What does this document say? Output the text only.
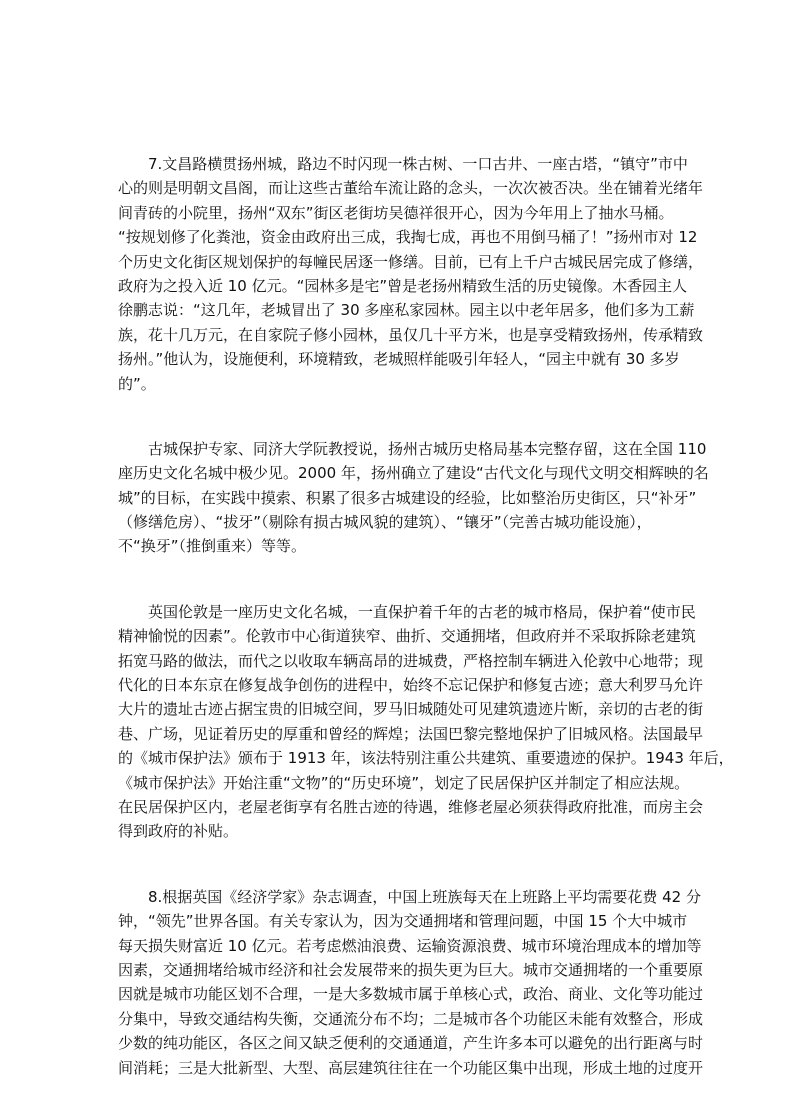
7.文昌路横贯扬州城，路边不时闪现一株古树、一口古井、一座古塔，“镇守”市中
心的则是明朝文昌阁，而让这些古董给车流让路的念头，一次次被否决。坐在铺着光绪年
间青砖的小院里，扬州“双东”街区老街坊吴德祥很开心，因为今年用上了抽水马桶。
“按规划修了化粪池，资金由政府出三成，我掏七成，再也不用倒马桶了！”扬州市对 12
个历史文化街区规划保护的每幢民居逐一修缮。目前，已有上千户古城民居完成了修缮，
政府为之投入近 10 亿元。“园林多是宅”曾是老扬州精致生活的历史镜像。木香园主人
徐鹏志说：“这几年，老城冒出了 30 多座私家园林。园主以中老年居多，他们多为工薪
族，花十几万元，在自家院子修小园林，虽仅几十平方米，也是享受精致扬州，传承精致
扬州。”他认为，设施便利，环境精致，老城照样能吸引年轻人，“园主中就有 30 多岁
的”。
古城保护专家、同济大学阮教授说，扬州古城历史格局基本完整存留，这在全国 110
座历史文化名城中极少见。2000 年，扬州确立了建设“古代文化与现代文明交相辉映的名
城”的目标，在实践中摸索、积累了很多古城建设的经验，比如整治历史街区，只“补牙”
（修缮危房）、“拔牙”（剔除有损古城风貌的建筑）、“镶牙”（完善古城功能设施），
不“换牙”（推倒重来）等等。
英国伦敦是一座历史文化名城，一直保护着千年的古老的城市格局，保护着“使市民
精神愉悦的因素”。伦敦市中心街道狭窄、曲折、交通拥堵，但政府并不采取拆除老建筑
拓宽马路的做法，而代之以收取车辆高昂的进城费，严格控制车辆进入伦敦中心地带；现
代化的日本东京在修复战争创伤的进程中，始终不忘记保护和修复古迹；意大利罗马允许
大片的遗址古迹占据宝贵的旧城空间，罗马旧城随处可见建筑遗迹片断，亲切的古老的街
巷、广场，见证着历史的厚重和曾经的辉煌；法国巴黎完整地保护了旧城风格。法国最早
的《城市保护法》颁布于 1913 年，该法特别注重公共建筑、重要遗迹的保护。1943 年后，
《城市保护法》开始注重“文物”的“历史环境”，划定了民居保护区并制定了相应法规。
在民居保护区内，老屋老街享有名胜古迹的待遇，维修老屋必须获得政府批准，而房主会
得到政府的补贴。
8.根据英国《经济学家》杂志调查，中国上班族每天在上班路上平均需要花费 42 分
钟，“领先”世界各国。有关专家认为，因为交通拥堵和管理问题，中国 15 个大中城市
每天损失财富近 10 亿元。若考虑燃油浪费、运输资源浪费、城市环境治理成本的增加等
因素，交通拥堵给城市经济和社会发展带来的损失更为巨大。城市交通拥堵的一个重要原
因就是城市功能区划不合理，一是大多数城市属于单核心式，政治、商业、文化等功能过
分集中，导致交通结构失衡，交通流分布不均；二是城市各个功能区未能有效整合，形成
少数的纯功能区，各区之间又缺乏便利的交通通道，产生许多本可以避免的出行距离与时
间消耗；三是大批新型、大型、高层建筑往往在一个功能区集中出现，形成土地的过度开
